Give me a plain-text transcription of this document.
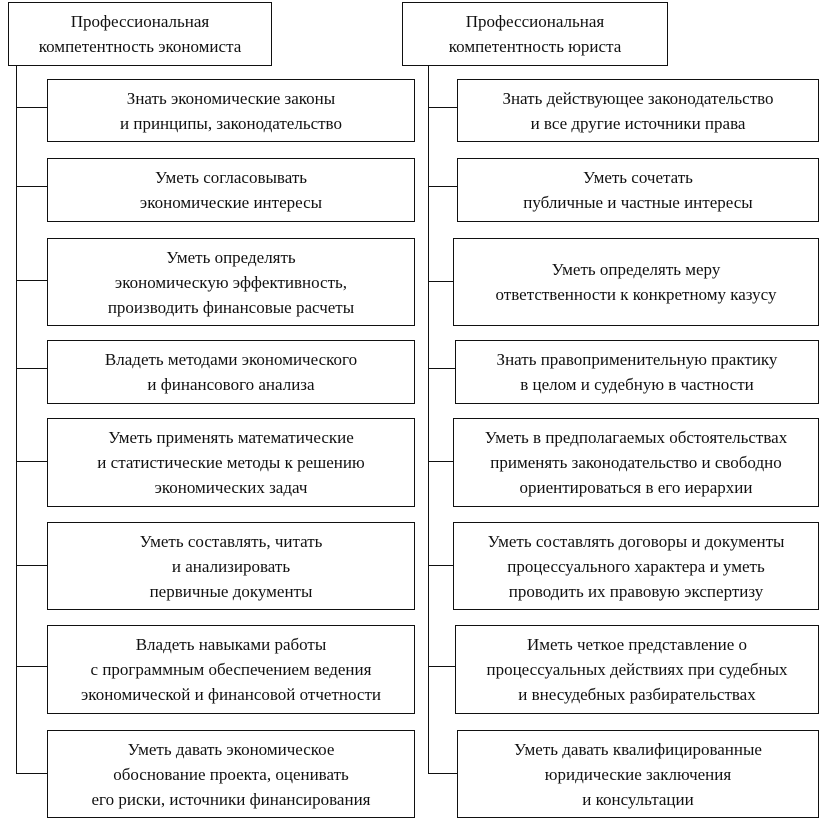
Профессиональная
компетентность экономиста
Профессиональная
компетентность юриста
Знать экономические законы
и принципы, законодательство
Уметь согласовывать
экономические интересы
Уметь определять
экономическую эффективность,
производить финансовые расчеты
Владеть методами экономического
и финансового анализа
Уметь применять математические
и статистические методы к решению
экономических задач
Уметь составлять, читать
и анализировать
первичные документы
Владеть навыками работы
с программным обеспечением ведения
экономической и финансовой отчетности
Уметь давать экономическое
обоснование проекта, оценивать
его риски, источники финансирования
Знать действующее законодательство
и все другие источники права
Уметь сочетать
публичные и частные интересы
Уметь определять меру
ответственности к конкретному казусу
Знать правоприменительную практику
в целом и судебную в частности
Уметь в предполагаемых обстоятельствах
применять законодательство и свободно
ориентироваться в его иерархии
Уметь составлять договоры и документы
процессуального характера и уметь
проводить их правовую экспертизу
Иметь четкое представление о
процессуальных действиях при судебных
и внесудебных разбирательствах
Уметь давать квалифицированные
юридические заключения
и консультации
